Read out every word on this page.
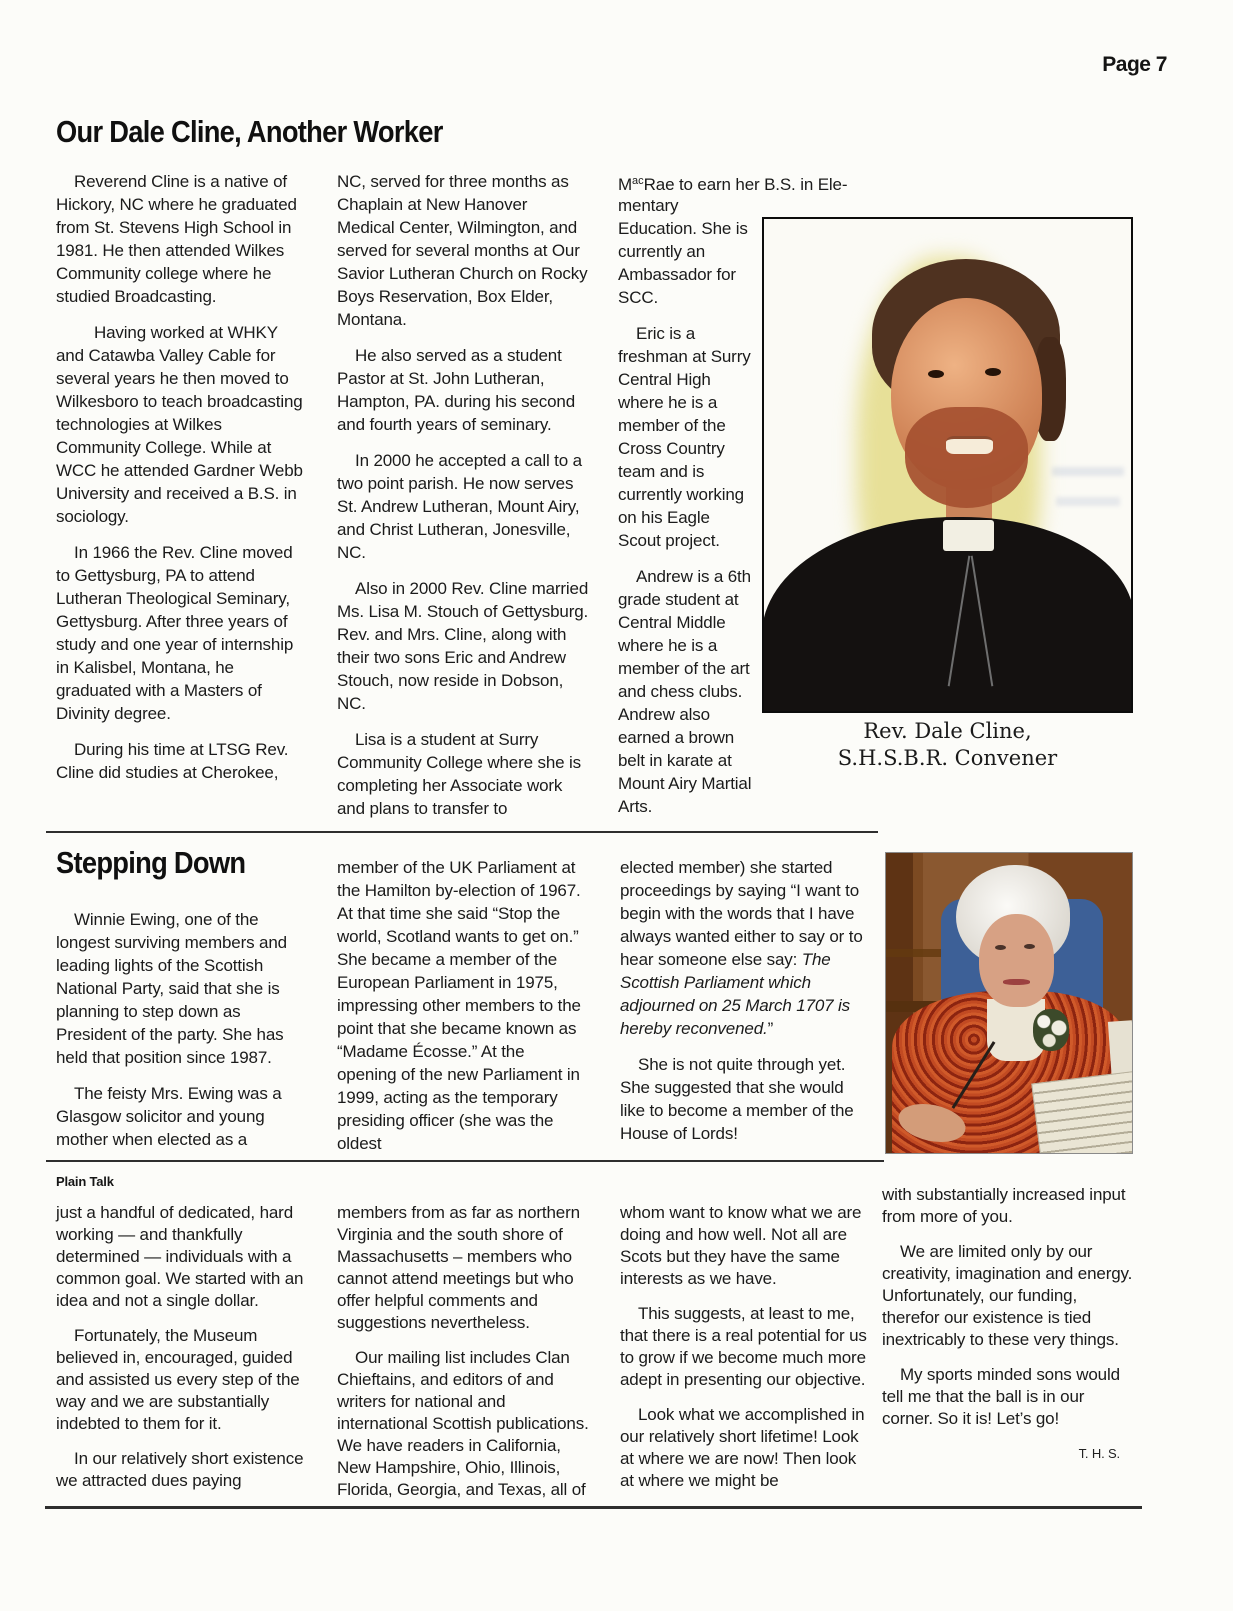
Page 7
Our Dale Cline, Another Worker

Reverend Cline is a native of Hickory, NC where he graduated from St. Stevens High School in 1981. He then attended Wilkes Community college where he studied Broadcasting.

Having worked at WHKY and Catawba Valley Cable for several years he then moved to Wilkesboro to teach broadcasting technologies at Wilkes Community College. While at WCC he attended Gardner Webb University and received a B.S. in sociology.

In 1966 the Rev. Cline moved to Gettysburg, PA to attend Lutheran Theological Seminary, Gettysburg. After three years of study and one year of internship in Kalisbel, Montana, he graduated with a Masters of Divinity degree.

During his time at LTSG Rev. Cline did studies at Cherokee,

NC, served for three months as Chaplain at New Hanover Medical Center, Wilmington, and served for several months at Our Savior Lutheran Church on Rocky Boys Reservation, Box Elder, Montana.

He also served as a student Pastor at St. John Lutheran, Hampton, PA. during his second and fourth years of seminary.

In 2000 he accepted a call to a two point parish. He now serves St. Andrew Lutheran, Mount Airy, and Christ Lutheran, Jonesville, NC.

Also in 2000 Rev. Cline married Ms. Lisa M. Stouch of Gettysburg. Rev. and Mrs. Cline, along with their two sons Eric and Andrew Stouch, now reside in Dobson, NC.

Lisa is a student at Surry Community College where she is completing her Associate work and plans to transfer to

$M^{ac}Rae$ to earn her B.S. in Ele-

mentary Education. She is currently an Ambassador for SCC.

Eric is a freshman at Surry Central High where he is a member of the Cross Country team and is currently working on his Eagle Scout project.

Andrew is a 6th grade student at Central Middle where he is a member of the art and chess clubs. Andrew also earned a brown belt in karate at Mount Airy Martial Arts.

Rev. Dale Cline,
S.H.S.B.R. Convener
Stepping Down

Winnie Ewing, one of the longest surviving members and leading lights of the Scottish National Party, said that she is planning to step down as President of the party. She has held that position since 1987.

The feisty Mrs. Ewing was a Glasgow solicitor and young mother when elected as a

member of the UK Parliament at the Hamilton by-election of 1967. At that time she said “Stop the world, Scotland wants to get on.” She became a member of the European Parliament in 1975, impressing other members to the point that she became known as “Madame Écosse.” At the opening of the new Parliament in 1999, acting as the temporary presiding officer (she was the oldest

elected member) she started proceedings by saying “I want to begin with the words that I have always wanted either to say or to hear someone else say: The Scottish Parliament which adjourned on 25 March 1707 is hereby reconvened.”

She is not quite through yet. She suggested that she would like to become a member of the House of Lords!

Plain Talk

just a handful of dedicated, hard working — and thankfully determined — individuals with a common goal. We started with an idea and not a single dollar.

Fortunately, the Museum believed in, encouraged, guided and assisted us every step of the way and we are substantially indebted to them for it.

In our relatively short existence we attracted dues paying

members from as far as northern Virginia and the south shore of Massachusetts – members who cannot attend meetings but who offer helpful comments and suggestions nevertheless.

Our mailing list includes Clan Chieftains, and editors of and writers for national and international Scottish publications. We have readers in California, New Hampshire, Ohio, Illinois, Florida, Georgia, and Texas, all of

whom want to know what we are doing and how well. Not all are Scots but they have the same interests as we have.

This suggests, at least to me, that there is a real potential for us to grow if we become much more adept in presenting our objective.

Look what we accomplished in our relatively short lifetime! Look at where we are now! Then look at where we might be

with substantially increased input from more of you.

We are limited only by our creativity, imagination and energy. Unfortunately, our funding, therefor our existence is tied inextricably to these very things.

My sports minded sons would tell me that the ball is in our corner. So it is! Let’s go!

T. H. S.
